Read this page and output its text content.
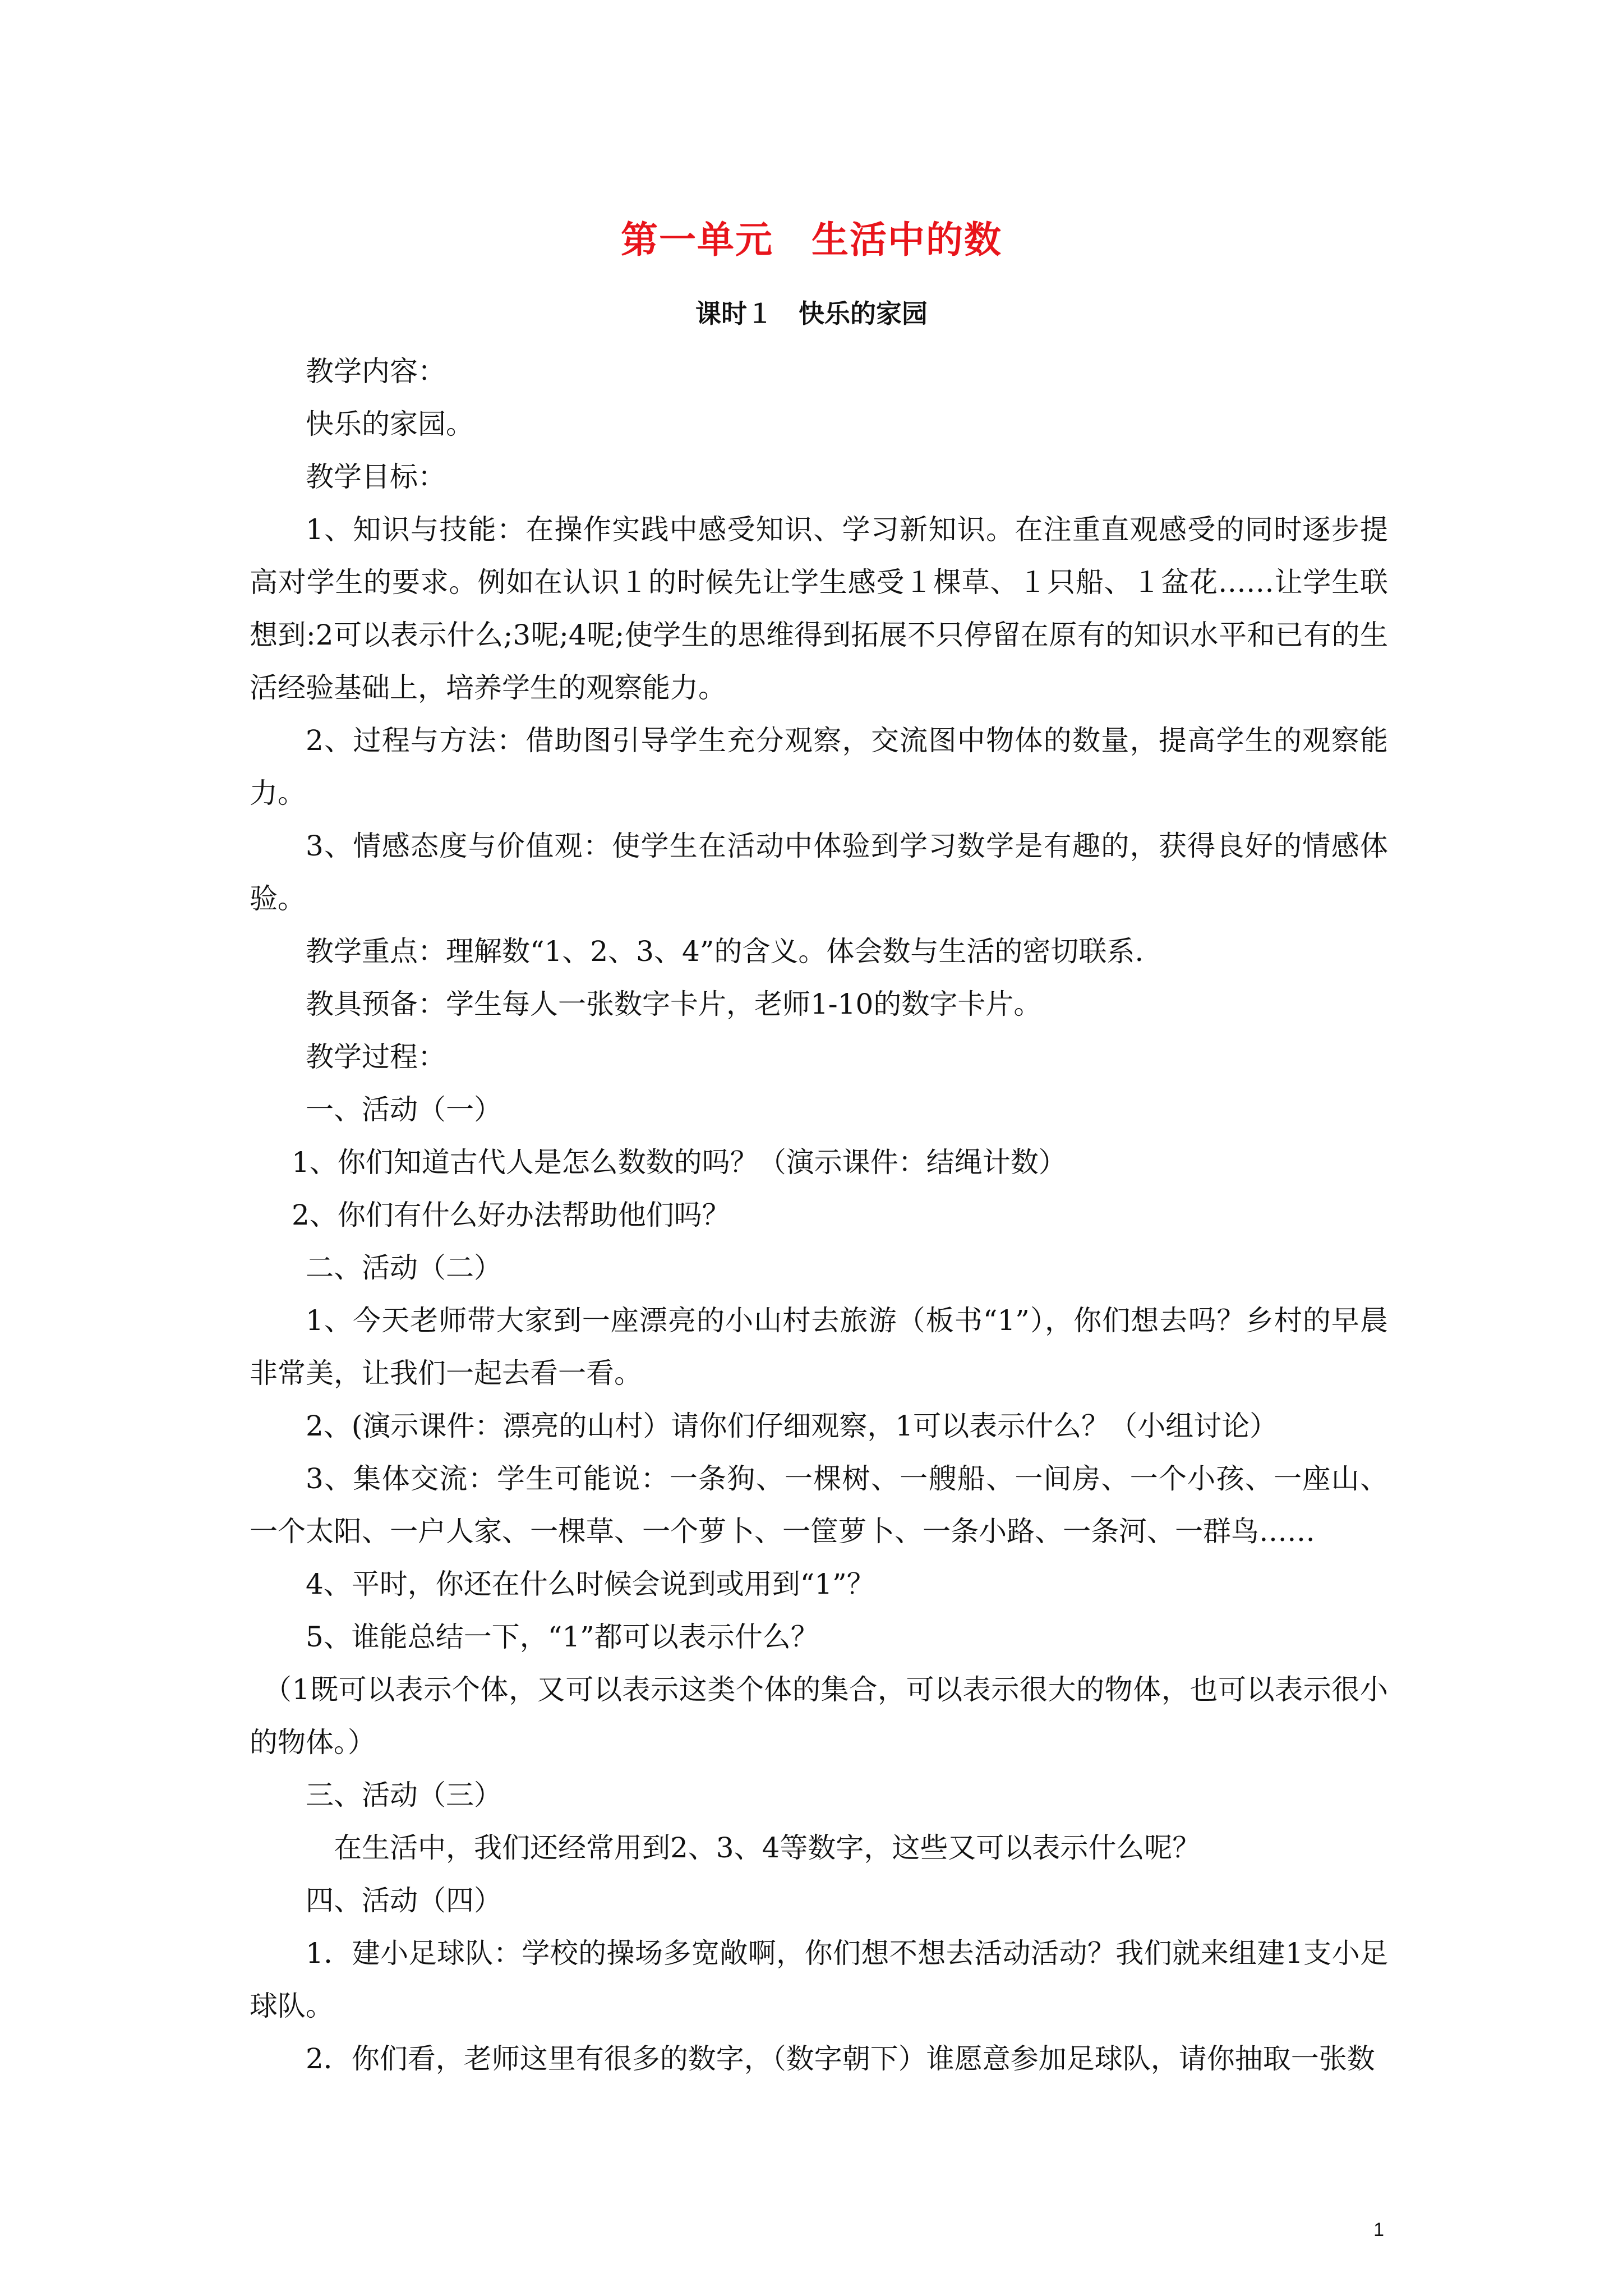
第一单元　生活中的数
课时１　快乐的家园

教学内容：

快乐的家园。

教学目标：

1、知识与技能：在操作实践中感受知识、学习新知识。在注重直观感受的同时逐步提高对学生的要求。例如在认识１的时候先让学生感受１棵草、１只船、１盆花……让学生联想到:2可以表示什么;3呢;4呢;使学生的思维得到拓展不只停留在原有的知识水平和已有的生活经验基础上，培养学生的观察能力。

2、过程与方法：借助图引导学生充分观察，交流图中物体的数量，提高学生的观察能力。

3、情感态度与价值观：使学生在活动中体验到学习数学是有趣的，获得良好的情感体验。

教学重点：理解数“1、2、3、4”的含义。体会数与生活的密切联系.

教具预备：学生每人一张数字卡片，老师1-10的数字卡片。

教学过程：

一、活动（一）

1、你们知道古代人是怎么数数的吗？（演示课件：结绳计数）

2、你们有什么好办法帮助他们吗？

二、活动（二）

1、今天老师带大家到一座漂亮的小山村去旅游（板书“1”），你们想去吗？乡村的早晨非常美，让我们一起去看一看。

2、(演示课件：漂亮的山村）请你们仔细观察，1可以表示什么？（小组讨论）

3、集体交流：学生可能说：一条狗、一棵树、一艘船、一间房、一个小孩、一座山、一个太阳、一户人家、一棵草、一个萝卜、一筐萝卜、一条小路、一条河、一群鸟……

4、平时，你还在什么时候会说到或用到“1”？

5、谁能总结一下，“1”都可以表示什么？

（1既可以表示个体，又可以表示这类个体的集合，可以表示很大的物体，也可以表示很小的物体。）

三、活动（三）

在生活中，我们还经常用到2、3、4等数字，这些又可以表示什么呢？

四、活动（四）

1．建小足球队：学校的操场多宽敞啊，你们想不想去活动活动？我们就来组建1支小足球队。

2．你们看，老师这里有很多的数字，（数字朝下）谁愿意参加足球队，请你抽取一张数

1
